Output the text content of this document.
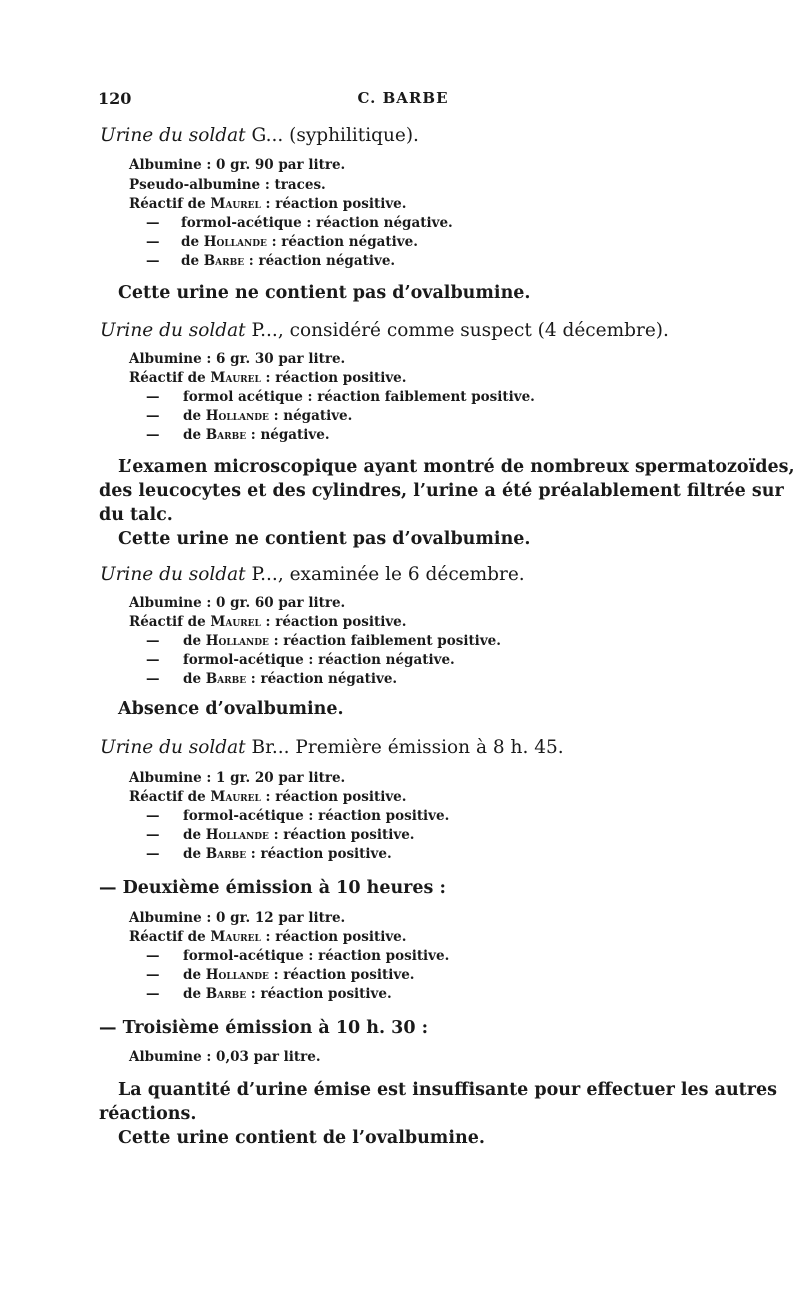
120	C. BARBE
Urine du soldat G... (syphilitique).
Albumine : 0 gr. 90 par litre.
Pseudo-albumine : traces.
Réactif de Maurel : réaction positive.
— formol-acétique : réaction négative.
— de Hollande : réaction négative.
— de Barbe : réaction négative.
Cette urine ne contient pas d’ovalbumine.
Urine du soldat P..., considéré comme suspect (4 décembre).
Albumine : 6 gr. 30 par litre.
Réactif de Maurel : réaction positive.
— formol acétique : réaction faiblement positive.
— de Hollande : négative.
— de Barbe : négative.
L’examen microscopique ayant montré de nombreux spermatozoïdes,
des leucocytes et des cylindres, l’urine a été préalablement filtrée sur
du talc.
Cette urine ne contient pas d’ovalbumine.
Urine du soldat P..., examinée le 6 décembre.
Albumine : 0 gr. 60 par litre.
Réactif de Maurel : réaction positive.
— de Hollande : réaction faiblement positive.
— formol-acétique : réaction négative.
— de Barbe : réaction négative.
Absence d’ovalbumine.
Urine du soldat Br... Première émission à 8 h. 45.
Albumine : 1 gr. 20 par litre.
Réactif de Maurel : réaction positive.
— formol-acétique : réaction positive.
— de Hollande : réaction positive.
— de Barbe : réaction positive.
— Deuxième émission à 10 heures :
Albumine : 0 gr. 12 par litre.
Réactif de Maurel : réaction positive.
— formol-acétique : réaction positive.
— de Hollande : réaction positive.
— de Barbe : réaction positive.
— Troisième émission à 10 h. 30 :
Albumine : 0,03 par litre.
La quantité d’urine émise est insuffisante pour effectuer les autres
réactions.
Cette urine contient de l’ovalbumine.
